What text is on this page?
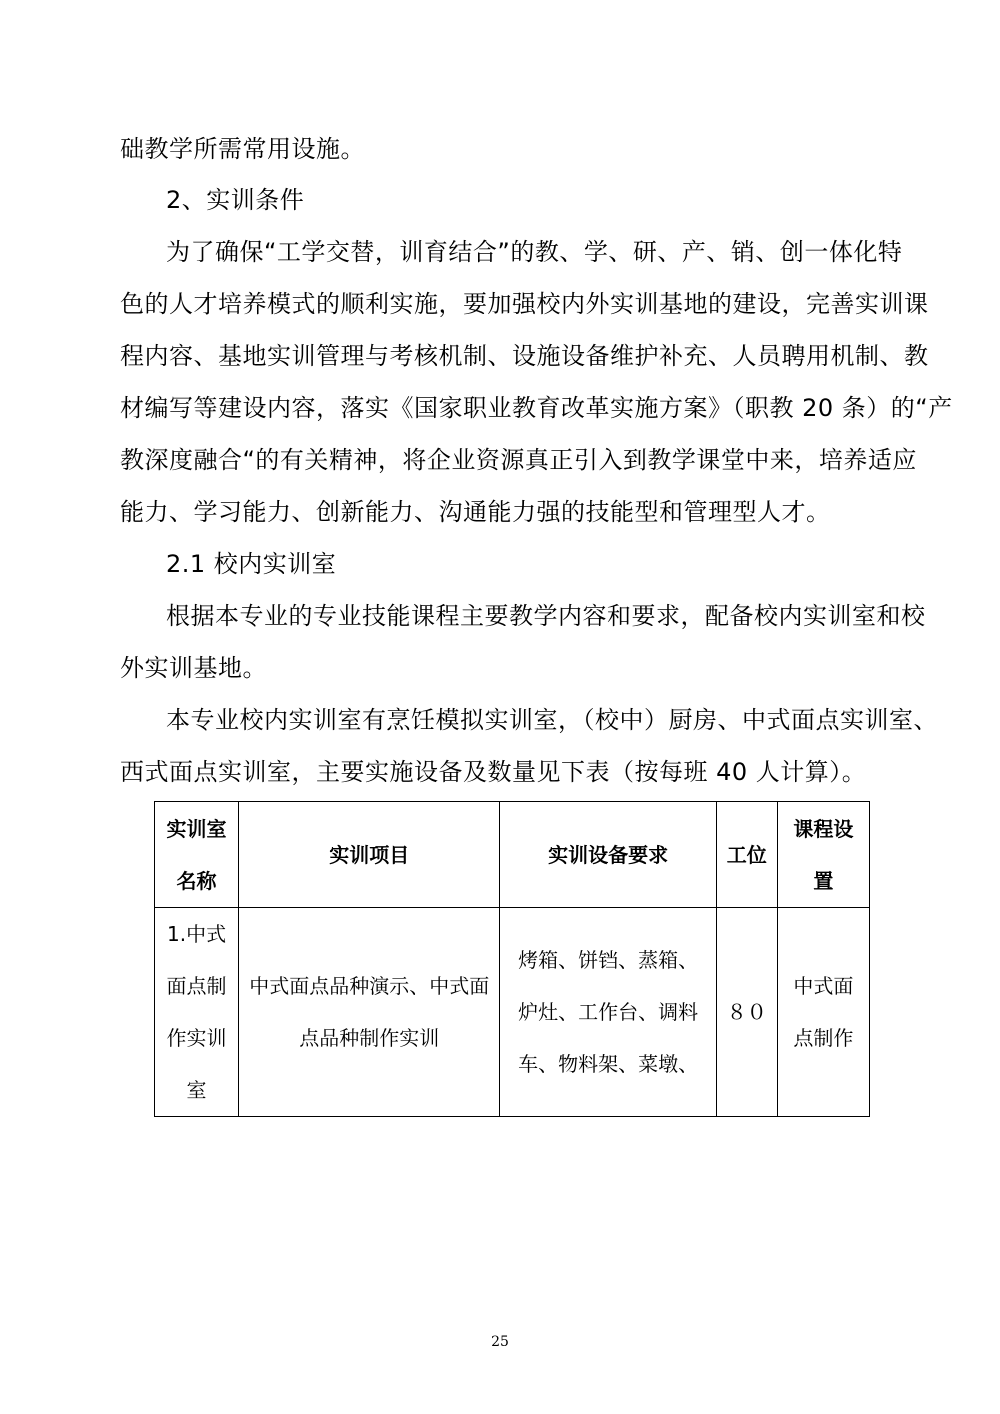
础教学所需常用设施。
2、实训条件
为了确保“工学交替，训育结合”的教、学、研、产、销、创一体化特
色的人才培养模式的顺利实施，要加强校内外实训基地的建设，完善实训课
程内容、基地实训管理与考核机制、设施设备维护补充、人员聘用机制、教
材编写等建设内容，落实《国家职业教育改革实施方案》（职教 20 条）的“产
教深度融合“的有关精神，将企业资源真正引入到教学课堂中来，培养适应
能力、学习能力、创新能力、沟通能力强的技能型和管理型人才。
2.1 校内实训室
根据本专业的专业技能课程主要教学内容和要求，配备校内实训室和校
外实训基地。
本专业校内实训室有烹饪模拟实训室，（校中）厨房、中式面点实训室、
西式面点实训室，主要实施设备及数量见下表（按每班 40 人计算）。
实训室名称	实训项目	实训设备要求	工位	课程设置
1.中式面点制作实训室	中式面点品种演示、中式面点品种制作实训	烤箱、饼铛、蒸箱、炉灶、工作台、调料车、物料架、菜墩、	８０	中式面点制作
25
